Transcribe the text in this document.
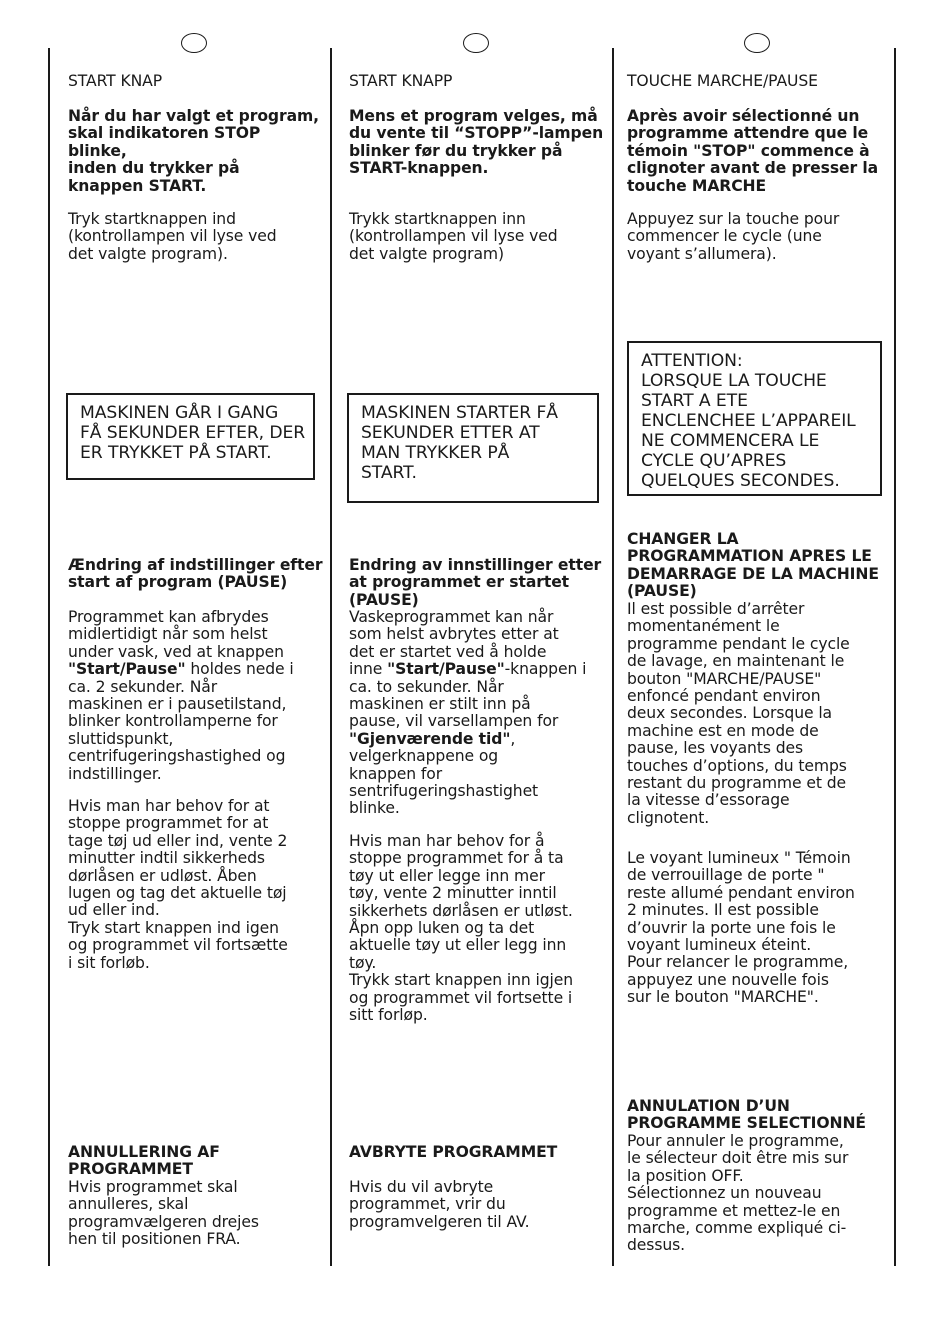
START KNAP
Når du har valgt et program,
skal indikatoren STOP blinke,
inden du trykker på
knappen START.
Tryk startknappen ind
(kontrollampen vil lyse ved
det valgte program).
Ændring af indstillinger efter
start af program (PAUSE)
Programmet kan afbrydes
midlertidigt når som helst
under vask, ved at knappen
"Start/Pause" holdes nede i
ca. 2 sekunder. Når
maskinen er i pausetilstand,
blinker kontrollamperne for
sluttidspunkt,
centrifugeringshastighed og
indstillinger.
Hvis man har behov for at
stoppe programmet for at
tage tøj ud eller ind, vente 2
minutter indtil sikkerheds
dørlåsen er udløst. Åben
lugen og tag det aktuelle tøj
ud eller ind.
Tryk start knappen ind igen
og programmet vil fortsætte
i sit forløb.
ANNULLERING AF
PROGRAMMET
Hvis programmet skal
annulleres, skal
programvælgeren drejes
hen til positionen FRA.
MASKINEN GÅR I GANG
FÅ SEKUNDER EFTER, DER
ER TRYKKET PÅ START.
START KNAPP
Mens et program velges, må
du vente til “STOPP”-lampen
blinker før du trykker på
START-knappen.
Trykk startknappen inn
(kontrollampen vil lyse ved
det valgte program)
Endring av innstillinger etter
at programmet er startet
(PAUSE)
Vaskeprogrammet kan når
som helst avbrytes etter at
det er startet ved å holde
inne "Start/Pause"-knappen i
ca. to sekunder. Når
maskinen er stilt inn på
pause, vil varsellampen for
"Gjenværende tid",
velgerknappene og
knappen for
sentrifugeringshastighet
blinke.
Hvis man har behov for å
stoppe programmet for å ta
tøy ut eller legge inn mer
tøy, vente 2 minutter inntil
sikkerhets dørlåsen er utløst.
Åpn opp luken og ta det
aktuelle tøy ut eller legg inn
tøy.
Trykk start knappen inn igjen
og programmet vil fortsette i
sitt forløp.
AVBRYTE PROGRAMMET
Hvis du vil avbryte
programmet, vrir du
programvelgeren til AV.
MASKINEN STARTER FÅ
SEKUNDER ETTER AT
MAN TRYKKER PÅ
START.
TOUCHE MARCHE/PAUSE
Après avoir sélectionné un
programme attendre que le
témoin "STOP" commence à
clignoter avant de presser la
touche MARCHE
Appuyez sur la touche pour
commencer le cycle (une
voyant s’allumera).
CHANGER LA
PROGRAMMATION APRES LE
DEMARRAGE DE LA MACHINE
(PAUSE)
Il est possible d’arrêter
momentanément le
programme pendant le cycle
de lavage, en maintenant le
bouton "MARCHE/PAUSE"
enfoncé pendant environ
deux secondes. Lorsque la
machine est en mode de
pause, les voyants des
touches d’options, du temps
restant du programme et de
la vitesse d’essorage
clignotent.
Le voyant lumineux " Témoin
de verrouillage de porte "
reste allumé pendant environ
2 minutes. Il est possible
d’ouvrir la porte une fois le
voyant lumineux éteint.
Pour relancer le programme,
appuyez une nouvelle fois
sur le bouton "MARCHE".
ANNULATION D’UN
PROGRAMME SELECTIONNÉ
Pour annuler le programme,
le sélecteur doit être mis sur
la position OFF.
Sélectionnez un nouveau
programme et mettez-le en
marche, comme expliqué ci-
dessus.
ATTENTION:
LORSQUE LA TOUCHE
START A ETE
ENCLENCHEE L’APPAREIL
NE COMMENCERA LE
CYCLE QU’APRES
QUELQUES SECONDES.
